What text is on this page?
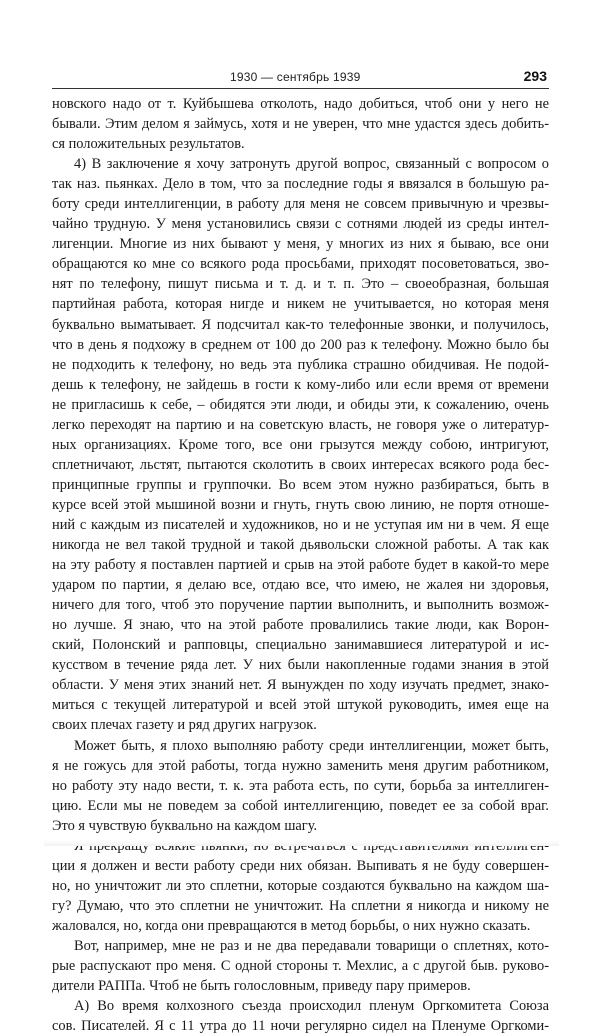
1930 — сентябрь 1939	293
новского надо от т. Куйбышева отколоть, надо добиться, чтоб они у него не
бывали. Этим делом я займусь, хотя и не уверен, что мне удастся здесь добить-
ся положительных результатов.
4) В заключение я хочу затронуть другой вопрос, связанный с вопросом о
так наз. пьянках. Дело в том, что за последние годы я ввязался в большую ра-
боту среди интеллигенции, в работу для меня не совсем привычную и чрезвы-
чайно трудную. У меня установились связи с сотнями людей из среды интел-
лигенции. Многие из них бывают у меня, у многих из них я бываю, все они
обращаются ко мне со всякого рода просьбами, приходят посоветоваться, зво-
нят по телефону, пишут письма и т. д. и т. п. Это – своеобразная, большая
партийная работа, которая нигде и никем не учитывается, но которая меня
буквально выматывает. Я подсчитал как-то телефонные звонки, и получилось,
что в день я подхожу в среднем от 100 до 200 раз к телефону. Можно было бы
не подходить к телефону, но ведь эта публика страшно обидчивая. Не подой-
дешь к телефону, не зайдешь в гости к кому-либо или если время от времени
не пригласишь к себе, – обидятся эти люди, и обиды эти, к сожалению, очень
легко переходят на партию и на советскую власть, не говоря уже о литератур-
ных организациях. Кроме того, все они грызутся между собою, интригуют,
сплетничают, льстят, пытаются сколотить в своих интересах всякого рода бес-
принципные группы и группочки. Во всем этом нужно разбираться, быть в
курсе всей этой мышиной возни и гнуть, гнуть свою линию, не портя отноше-
ний с каждым из писателей и художников, но и не уступая им ни в чем. Я еще
никогда не вел такой трудной и такой дьявольски сложной работы. А так как
на эту работу я поставлен партией и срыв на этой работе будет в какой-то мере
ударом по партии, я делаю все, отдаю все, что имею, не жалея ни здоровья,
ничего для того, чтоб это поручение партии выполнить, и выполнить возмож-
но лучше. Я знаю, что на этой работе провалились такие люди, как Ворон-
ский, Полонский и рапповцы, специально занимавшиеся литературой и ис-
кусством в течение ряда лет. У них были накопленные годами знания в этой
области. У меня этих знаний нет. Я вынужден по ходу изучать предмет, знако-
миться с текущей литературой и всей этой штукой руководить, имея еще на
своих плечах газету и ряд других нагрузок.
Может быть, я плохо выполняю работу среди интеллигенции, может быть,
я не гожусь для этой работы, тогда нужно заменить меня другим работником,
но работу эту надо вести, т. к. эта работа есть, по сути, борьба за интеллиген-
цию. Если мы не поведем за собой интеллигенцию, поведет ее за собой враг.
Это я чувствую буквально на каждом шагу.
ции я должен и вести работу среди них обязан. Выпивать я не буду совершен-
но, но уничтожит ли это сплетни, которые создаются буквально на каждом ша-
гу? Думаю, что это сплетни не уничтожит. На сплетни я никогда и никому не
жаловался, но, когда они превращаются в метод борьбы, о них нужно сказать.
Вот, например, мне не раз и не два передавали товарищи о сплетнях, кото-
рые распускают про меня. С одной стороны т. Мехлис, а с другой быв. руково-
дители РАППа. Чтоб не быть голословным, приведу пару примеров.
А) Во время колхозного съезда происходил пленум Оргкомитета Союза
сов. Писателей. Я с 11 утра до 11 ночи регулярно сидел на Пленуме Оргкоми-
